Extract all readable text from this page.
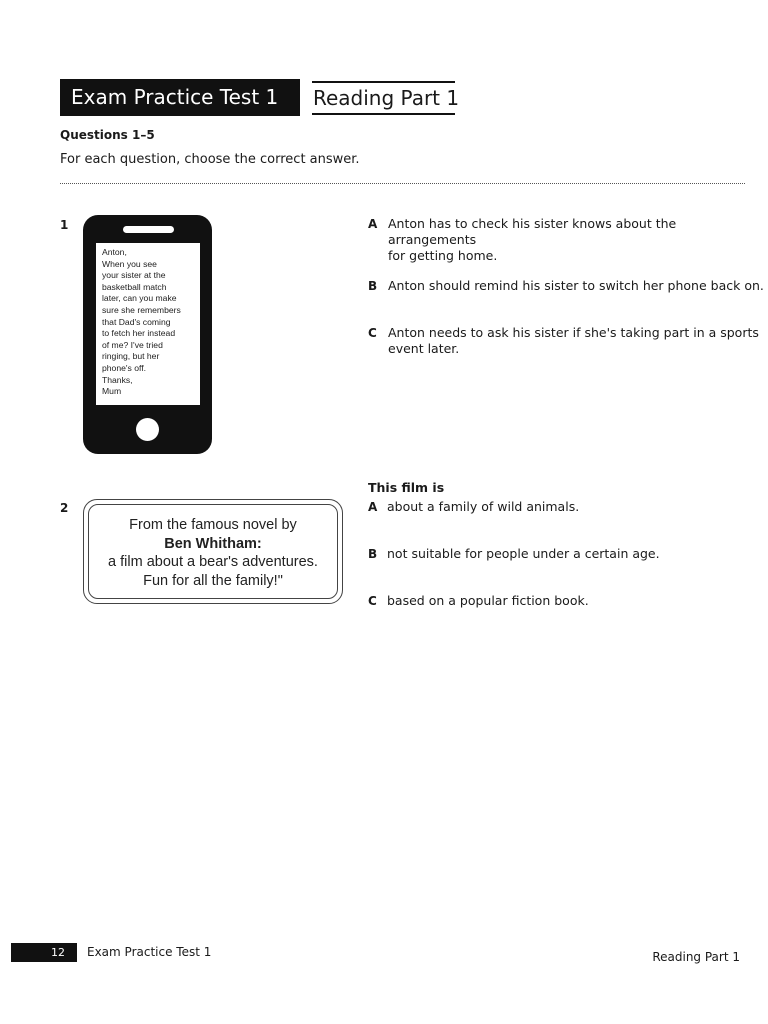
Exam Practice Test 1	Reading Part 1
Questions 1–5
For each question, choose the correct answer.
1
Anton,
When you see
your sister at the
basketball match
later, can you make
sure she remembers
that Dad's coming
to fetch her instead
of me? I've tried
ringing, but her
phone's off.
Thanks,
Mum
A Anton has to check his sister knows about the arrangements
for getting home.
B Anton should remind his sister to switch her phone back on.
C Anton needs to ask his sister if she's taking part in a sports
event later.
2
From the famous novel by
Ben Whitham:
a film about a bear's adventures.
Fun for all the family!"
This film is
A about a family of wild animals.
B not suitable for people under a certain age.
C based on a popular fiction book.
12	Exam Practice Test 1	Reading Part 1
